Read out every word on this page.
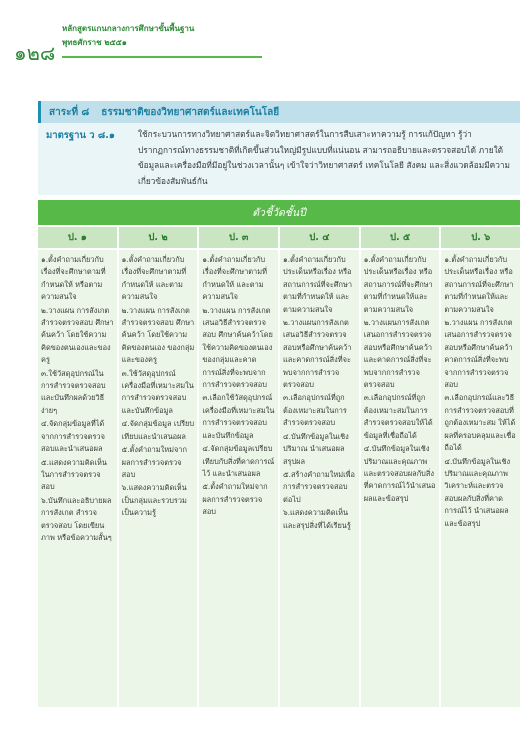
๑๒๘
หลักสูตรแกนกลางการศึกษาขั้นพื้นฐาน
พุทธศักราช ๒๕๕๑
สาระที่ ๘ ธรรมชาติของวิทยาศาสตร์และเทคโนโลยี
มาตรฐาน ว ๘.๑	ใช้กระบวนการทางวิทยาศาสตร์และจิตวิทยาศาสตร์ในการสืบเสาะหาความรู้ การแก้ปัญหา รู้ว่าปรากฏการณ์ทางธรรมชาติที่เกิดขึ้นส่วนใหญ่มีรูปแบบที่แน่นอน สามารถอธิบายและตรวจสอบได้ ภายใต้ข้อมูลและเครื่องมือที่มีอยู่ในช่วงเวลานั้นๆ เข้าใจว่าวิทยาศาสตร์ เทคโนโลยี สังคม และสิ่งแวดล้อมมีความเกี่ยวข้องสัมพันธ์กัน
ตัวชี้วัดชั้นปี
ป. ๑
๑.ตั้งคำถามเกี่ยวกับเรื่องที่จะศึกษาตามที่กำหนดให้ หรือตามความสนใจ
๒.วางแผน การสังเกต สำรวจตรวจสอบ ศึกษาค้นคว้า โดยใช้ความคิดของตนเองและของครู
๓.ใช้วัสดุอุปกรณ์ในการสำรวจตรวจสอบ และบันทึกผลด้วยวิธีง่ายๆ
๔.จัดกลุ่มข้อมูลที่ได้จากการสำรวจตรวจสอบและนำเสนอผล
๕.แสดงความคิดเห็นในการสำรวจตรวจสอบ
๖.บันทึกและอธิบายผลการสังเกต สำรวจตรวจสอบ โดยเขียนภาพ หรือข้อความสั้นๆ
ป. ๒
๑.ตั้งคำถามเกี่ยวกับเรื่องที่จะศึกษาตามที่กำหนดให้ และตามความสนใจ
๒.วางแผน การสังเกต สำรวจตรวจสอบ ศึกษาค้นคว้า โดยใช้ความคิดของตนเอง ของกลุ่มและของครู
๓.ใช้วัสดุอุปกรณ์เครื่องมือที่เหมาะสมในการสำรวจตรวจสอบ และบันทึกข้อมูล
๔.จัดกลุ่มข้อมูล เปรียบเทียบและนำเสนอผล
๕.ตั้งคำถามใหม่จากผลการสำรวจตรวจสอบ
๖.แสดงความคิดเห็นเป็นกลุ่มและรวบรวมเป็นความรู้
ป. ๓
๑.ตั้งคำถามเกี่ยวกับเรื่องที่จะศึกษาตามที่กำหนดให้ และตามความสนใจ
๒.วางแผน การสังเกต เสนอวิธีสำรวจตรวจสอบ ศึกษาค้นคว้าโดยใช้ความคิดของตนเอง ของกลุ่มและคาดการณ์สิ่งที่จะพบจากการสำรวจตรวจสอบ
๓.เลือกใช้วัสดุอุปกรณ์เครื่องมือที่เหมาะสมในการสำรวจตรวจสอบ และบันทึกข้อมูล
๔.จัดกลุ่มข้อมูลเปรียบเทียบกับสิ่งที่คาดการณ์ไว้ และนำเสนอผล
๕.ตั้งคำถามใหม่จากผลการสำรวจตรวจสอบ
ป. ๔
๑.ตั้งคำถามเกี่ยวกับประเด็นหรือเรื่อง หรือสถานการณ์ที่จะศึกษาตามที่กำหนดให้ และตามความสนใจ
๒.วางแผนการสังเกต เสนอวิธีสำรวจตรวจสอบหรือศึกษาค้นคว้า และคาดการณ์สิ่งที่จะพบจากการสำรวจตรวจสอบ
๓.เลือกอุปกรณ์ที่ถูกต้องเหมาะสมในการสำรวจตรวจสอบ
๔.บันทึกข้อมูลในเชิงปริมาณ นำเสนอผลสรุปผล
๕.สร้างคำถามใหม่เพื่อการสำรวจตรวจสอบต่อไป
๖.แสดงความคิดเห็นและสรุปสิ่งที่ได้เรียนรู้
ป. ๕
๑.ตั้งคำถามเกี่ยวกับประเด็นหรือเรื่อง หรือสถานการณ์ที่จะศึกษาตามที่กำหนดให้และตามความสนใจ
๒.วางแผนการสังเกต เสนอการสำรวจตรวจสอบหรือศึกษาค้นคว้าและคาดการณ์สิ่งที่จะพบจากการสำรวจตรวจสอบ
๓.เลือกอุปกรณ์ที่ถูกต้องเหมาะสมในการสำรวจตรวจสอบให้ได้ข้อมูลที่เชื่อถือได้
๔.บันทึกข้อมูลในเชิงปริมาณและคุณภาพและตรวจสอบผลกับสิ่งที่คาดการณ์ไว้นำเสนอผลและข้อสรุป
ป. ๖
๑.ตั้งคำถามเกี่ยวกับประเด็นหรือเรื่อง หรือสถานการณ์ที่จะศึกษาตามที่กำหนดให้และตามความสนใจ
๒.วางแผน การสังเกต เสนอการสำรวจตรวจสอบหรือศึกษาค้นคว้าคาดการณ์สิ่งที่จะพบจากการสำรวจตรวจสอบ
๓.เลือกอุปกรณ์และวิธีการสำรวจตรวจสอบที่ถูกต้องเหมาะสม ให้ได้ผลที่ครอบคลุมและเชื่อถือได้
๔.บันทึกข้อมูลในเชิงปริมาณและคุณภาพ วิเคราะห์และตรวจสอบผลกับสิ่งที่คาดการณ์ไว้ นำเสนอผลและข้อสรุป
